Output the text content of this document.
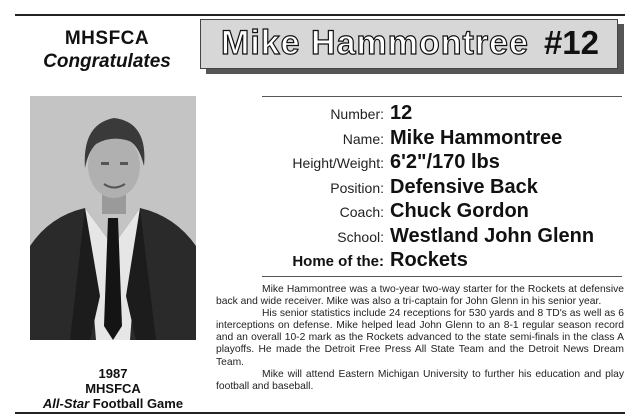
MHSFCA
Congratulates
1987
MHSFCA
All-Star Football Game
Mike Hammontree #12
Number: 12
Name: Mike Hammontree
Height/Weight: 6'2"/170 lbs
Position: Defensive Back
Coach: Chuck Gordon
School: Westland John Glenn
Home of the: Rockets

Mike Hammontree was a two-year two-way starter for the Rockets at defensive back and wide receiver. Mike was also a tri-captain for John Glenn in his senior year.

His senior statistics include 24 receptions for 530 yards and 8 TD's as well as 6 interceptions on defense. Mike helped lead John Glenn to an 8-1 regular season record and an overall 10-2 mark as the Rockets advanced to the state semi-finals in the class A playoffs. He made the Detroit Free Press All State Team and the Detroit News Dream Team.

Mike will attend Eastern Michigan University to further his education and play football and baseball.
